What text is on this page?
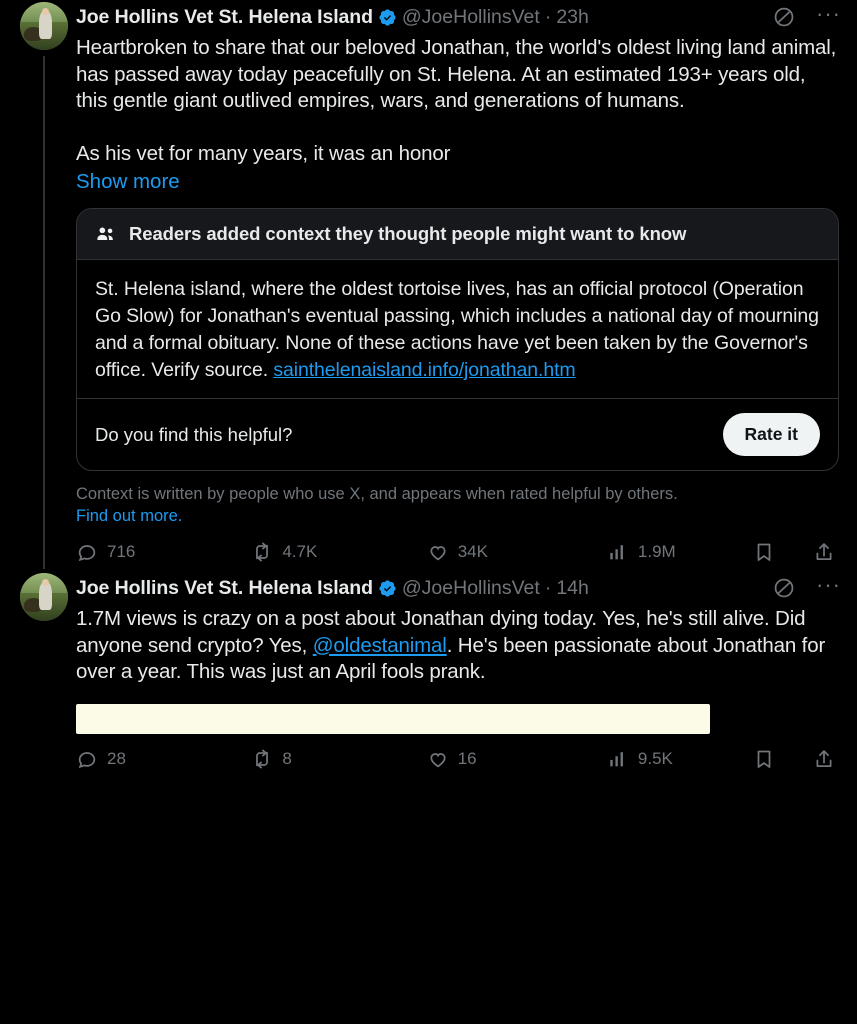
Joe Hollins Vet St. Helena Island @JoeHollinsVet · 23h	···

Heartbroken to share that our beloved Jonathan, the world's oldest living land animal, has passed away today peacefully on St. Helena. At an estimated 193+ years old, this gentle giant outlived empires, wars, and generations of humans.

As his vet for many years, it was an honor

Show more
Readers added context they thought people might want to know
St. Helena island, where the oldest tortoise lives, has an official protocol (Operation Go Slow) for Jonathan's eventual passing, which includes a national day of mourning and a formal obituary. None of these actions have yet been taken by the Governor's office. Verify source. sainthelenaisland.info/jonathan.htm
Do you find this helpful?	Rate it
Context is written by people who use X, and appears when rated helpful by others.
Find out more.
716	4.7K	34K	1.9M
Joe Hollins Vet St. Helena Island @JoeHollinsVet · 14h	···
1.7M views is crazy on a post about Jonathan dying today. Yes, he's still alive. Did anyone send crypto? Yes, @oldestanimal. He's been passionate about Jonathan for over a year. This was just an April fools prank.
28	8	16	9.5K
